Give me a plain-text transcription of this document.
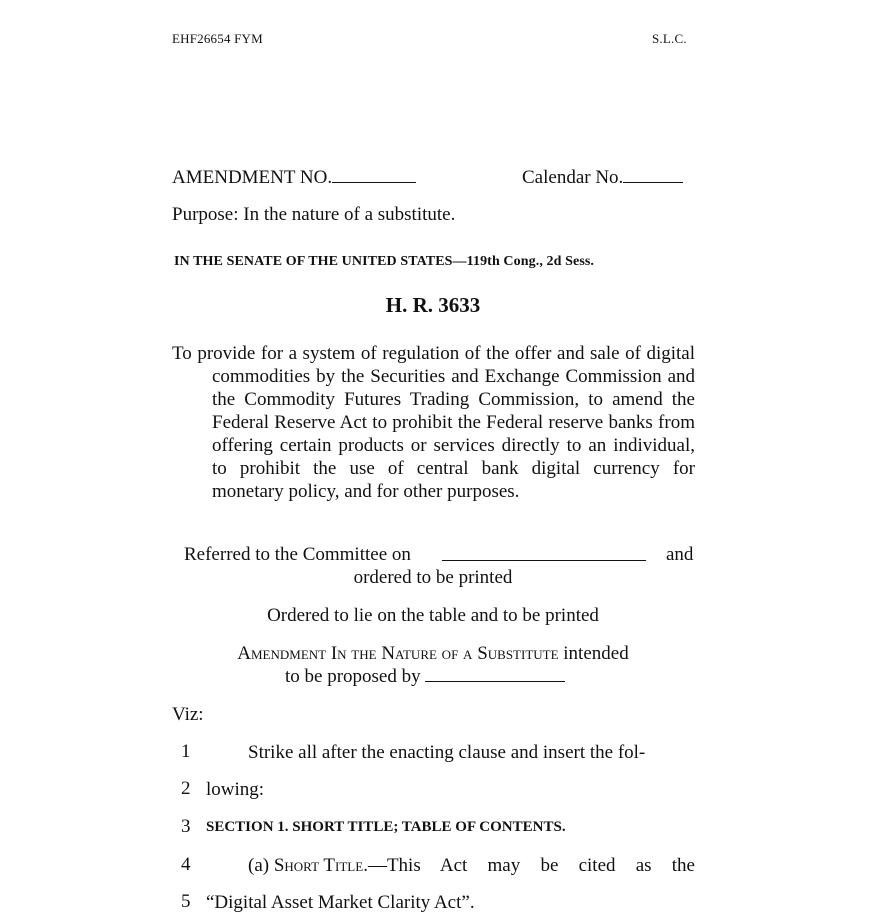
EHF26654 FYM	S.L.C.
AMENDMENT NO.	Calendar No.
Purpose: In the nature of a substitute.
IN THE SENATE OF THE UNITED STATES—119th Cong., 2d Sess.
H. R. 3633

To provide for a system of regulation of the offer and sale of digital commodities by the Securities and Exchange Commission and the Commodity Futures Trading Commission, to amend the Federal Reserve Act to prohibit the Federal reserve banks from offering certain products or services directly to an individual, to prohibit the use of central bank digital currency for monetary policy, and for other purposes.

Referred to the Committee on	and
ordered to be printed
Ordered to lie on the table and to be printed
Amendment In the Nature of a Substitute intended
to be proposed by
Viz:
1	Strike all after the enacting clause and insert the fol-
2 lowing:
3 SECTION 1. SHORT TITLE; TABLE OF CONTENTS.
4	(a) Short Title .—This Act may be cited as the
5 “Digital Asset Market Clarity Act”.
